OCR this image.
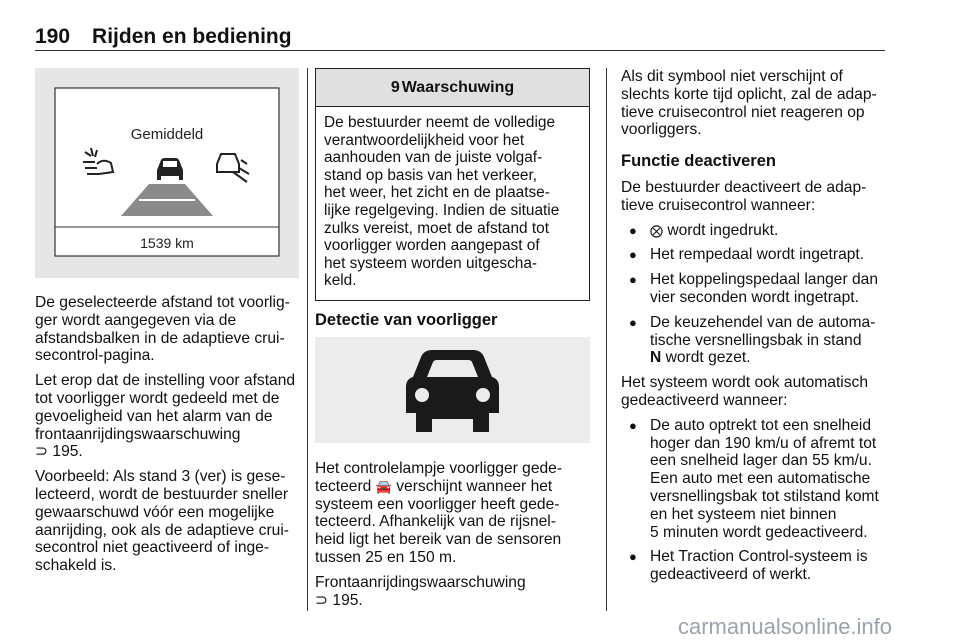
190 Rijden en bediening
Gemiddeld
1539 km

De geselecteerde afstand tot voorlig-
ger wordt aangegeven via de
afstandsbalken in de adaptieve crui-
secontrol-pagina.

Let erop dat de instelling voor afstand
tot voorligger wordt gedeeld met de
gevoeligheid van het alarm van de
frontaanrijdingswaarschuwing
⊃ 195.

Voorbeeld: Als stand 3 (ver) is gese-
lecteerd, wordt de bestuurder sneller
gewaarschuwd vóór een mogelijke
aanrijding, ook als de adaptieve crui-
secontrol niet geactiveerd of inge-
schakeld is.

9 Waarschuwing
De bestuurder neemt de volledige
verantwoordelijkheid voor het
aanhouden van de juiste volgaf-
stand op basis van het verkeer,
het weer, het zicht en de plaatse-
lijke regelgeving. Indien de situatie
zulks vereist, moet de afstand tot
voorligger worden aangepast of
het systeem worden uitgescha-
keld.
Detectie van voorligger

Het controlelampje voorligger gede-
tecteerd 🚘 verschijnt wanneer het
systeem een voorligger heeft gede-
tecteerd. Afhankelijk van de rijsnel-
heid ligt het bereik van de sensoren
tussen 25 en 150 m.

Frontaanrijdingswaarschuwing
⊃ 195.

Als dit symbool niet verschijnt of
slechts korte tijd oplicht, zal de adap-
tieve cruisecontrol niet reageren op
voorliggers.

Functie deactiveren

De bestuurder deactiveert de adap-
tieve cruisecontrol wanneer:

● ⨂ wordt ingedrukt.
● Het rempedaal wordt ingetrapt.
● Het koppelingspedaal langer dan
vier seconden wordt ingetrapt.
● De keuzehendel van de automa-
tische versnellingsbak in stand
N wordt gezet.

Het systeem wordt ook automatisch
gedeactiveerd wanneer:

● De auto optrekt tot een snelheid
hoger dan 190 km/u of afremt tot
een snelheid lager dan 55 km/u.
Een auto met een automatische
versnellingsbak tot stilstand komt
en het systeem niet binnen
5 minuten wordt gedeactiveerd.
● Het Traction Control-systeem is
gedeactiveerd of werkt.
carmanualsonline.info
